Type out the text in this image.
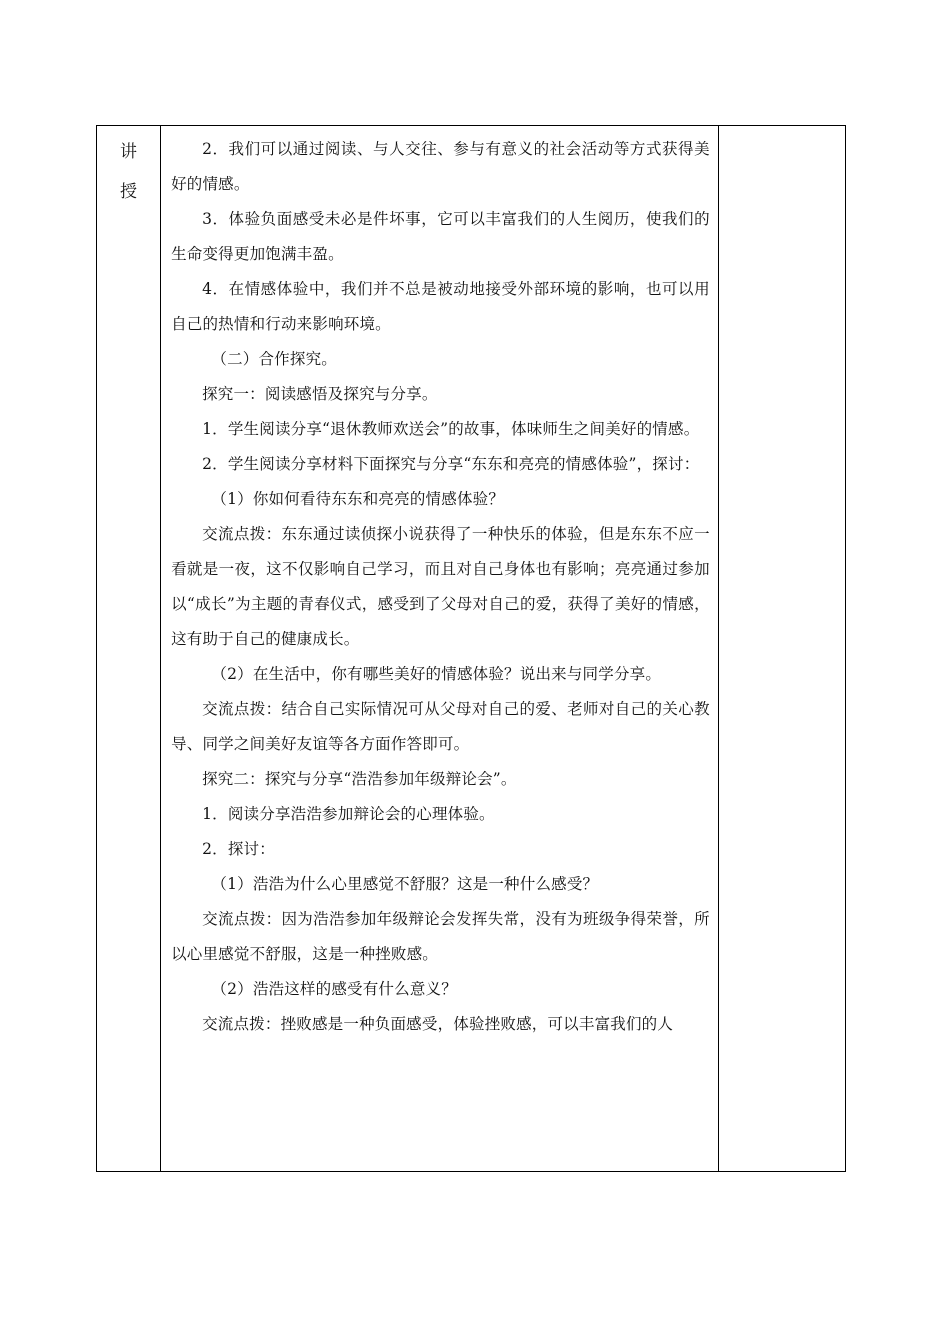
讲
授

2．我们可以通过阅读、与人交往、参与有意义的社会活动等方式获得美好的情感。

3．体验负面感受未必是件坏事，它可以丰富我们的人生阅历，使我们的生命变得更加饱满丰盈。

4．在情感体验中，我们并不总是被动地接受外部环境的影响，也可以用自己的热情和行动来影响环境。

（二）合作探究。

探究一：阅读感悟及探究与分享。

1．学生阅读分享“退休教师欢送会”的故事，体味师生之间美好的情感。

2．学生阅读分享材料下面探究与分享“东东和亮亮的情感体验”，探讨：

（1）你如何看待东东和亮亮的情感体验？

交流点拨：东东通过读侦探小说获得了一种快乐的体验，但是东东不应一看就是一夜，这不仅影响自己学习，而且对自己身体也有影响；亮亮通过参加以“成长”为主题的青春仪式，感受到了父母对自己的爱，获得了美好的情感，这有助于自己的健康成长。

（2）在生活中，你有哪些美好的情感体验？说出来与同学分享。

交流点拨：结合自己实际情况可从父母对自己的爱、老师对自己的关心教导、同学之间美好友谊等各方面作答即可。

探究二：探究与分享“浩浩参加年级辩论会”。

1．阅读分享浩浩参加辩论会的心理体验。

2．探讨：

（1）浩浩为什么心里感觉不舒服？这是一种什么感受？

交流点拨：因为浩浩参加年级辩论会发挥失常，没有为班级争得荣誉，所以心里感觉不舒服，这是一种挫败感。

（2）浩浩这样的感受有什么意义？

交流点拨：挫败感是一种负面感受，体验挫败感，可以丰富我们的人
